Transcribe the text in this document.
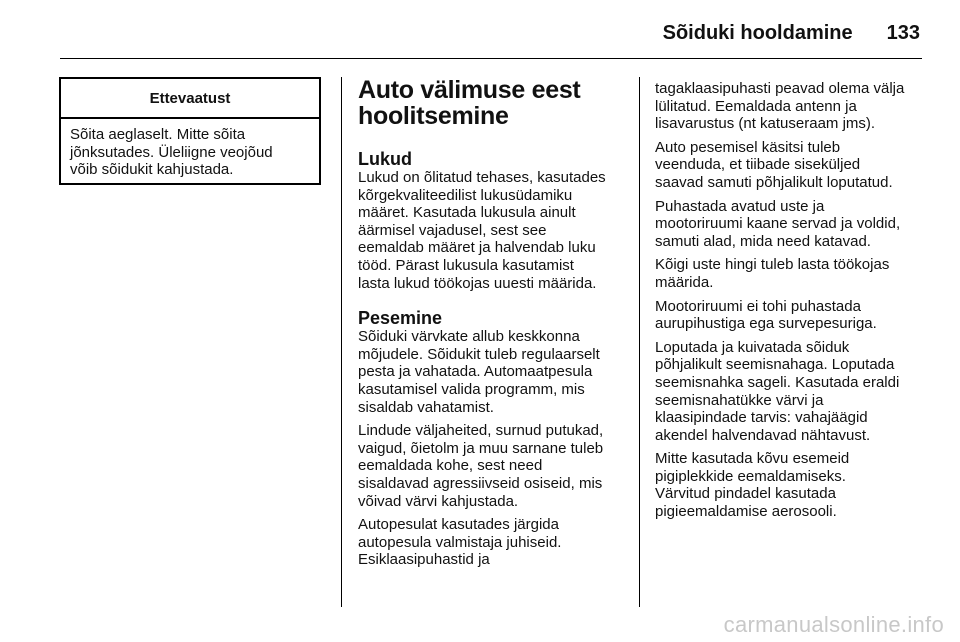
Sõiduki hooldamine 133
Ettevaatust
Sõita aeglaselt. Mitte sõita
jõnksutades. Üleliigne veojõud
võib sõidukit kahjustada.
Auto välimuse eest
hoolitsemine
Lukud

Lukud on õlitatud tehases, kasutades
kõrgekvaliteedilist lukusüdamiku
määret. Kasutada lukusula ainult
äärmisel vajadusel, sest see
eemaldab määret ja halvendab luku
tööd. Pärast lukusula kasutamist
lasta lukud töökojas uuesti määrida.

Pesemine

Sõiduki värvkate allub keskkonna
mõjudele. Sõidukit tuleb regulaarselt
pesta ja vahatada. Automaatpesula
kasutamisel valida programm, mis
sisaldab vahatamist.

Lindude väljaheited, surnud putukad,
vaigud, õietolm ja muu sarnane tuleb
eemaldada kohe, sest need
sisaldavad agressiivseid osiseid, mis
võivad värvi kahjustada.

Autopesulat kasutades järgida
autopesula valmistaja juhiseid.
Esiklaasipuhastid ja

tagaklaasipuhasti peavad olema välja
lülitatud. Eemaldada antenn ja
lisavarustus (nt katuseraam jms).

Auto pesemisel käsitsi tuleb
veenduda, et tiibade siseküljed
saavad samuti põhjalikult loputatud.

Puhastada avatud uste ja
mootoriruumi kaane servad ja voldid,
samuti alad, mida need katavad.

Kõigi uste hingi tuleb lasta töökojas
määrida.

Mootoriruumi ei tohi puhastada
aurupihustiga ega survepesuriga.

Loputada ja kuivatada sõiduk
põhjalikult seemisnahaga. Loputada
seemisnahka sageli. Kasutada eraldi
seemisnahatükke värvi ja
klaasipindade tarvis: vahajäägid
akendel halvendavad nähtavust.

Mitte kasutada kõvu esemeid
pigiplekkide eemaldamiseks.
Värvitud pindadel kasutada
pigieemaldamise aerosooli.

carmanualsonline.info
